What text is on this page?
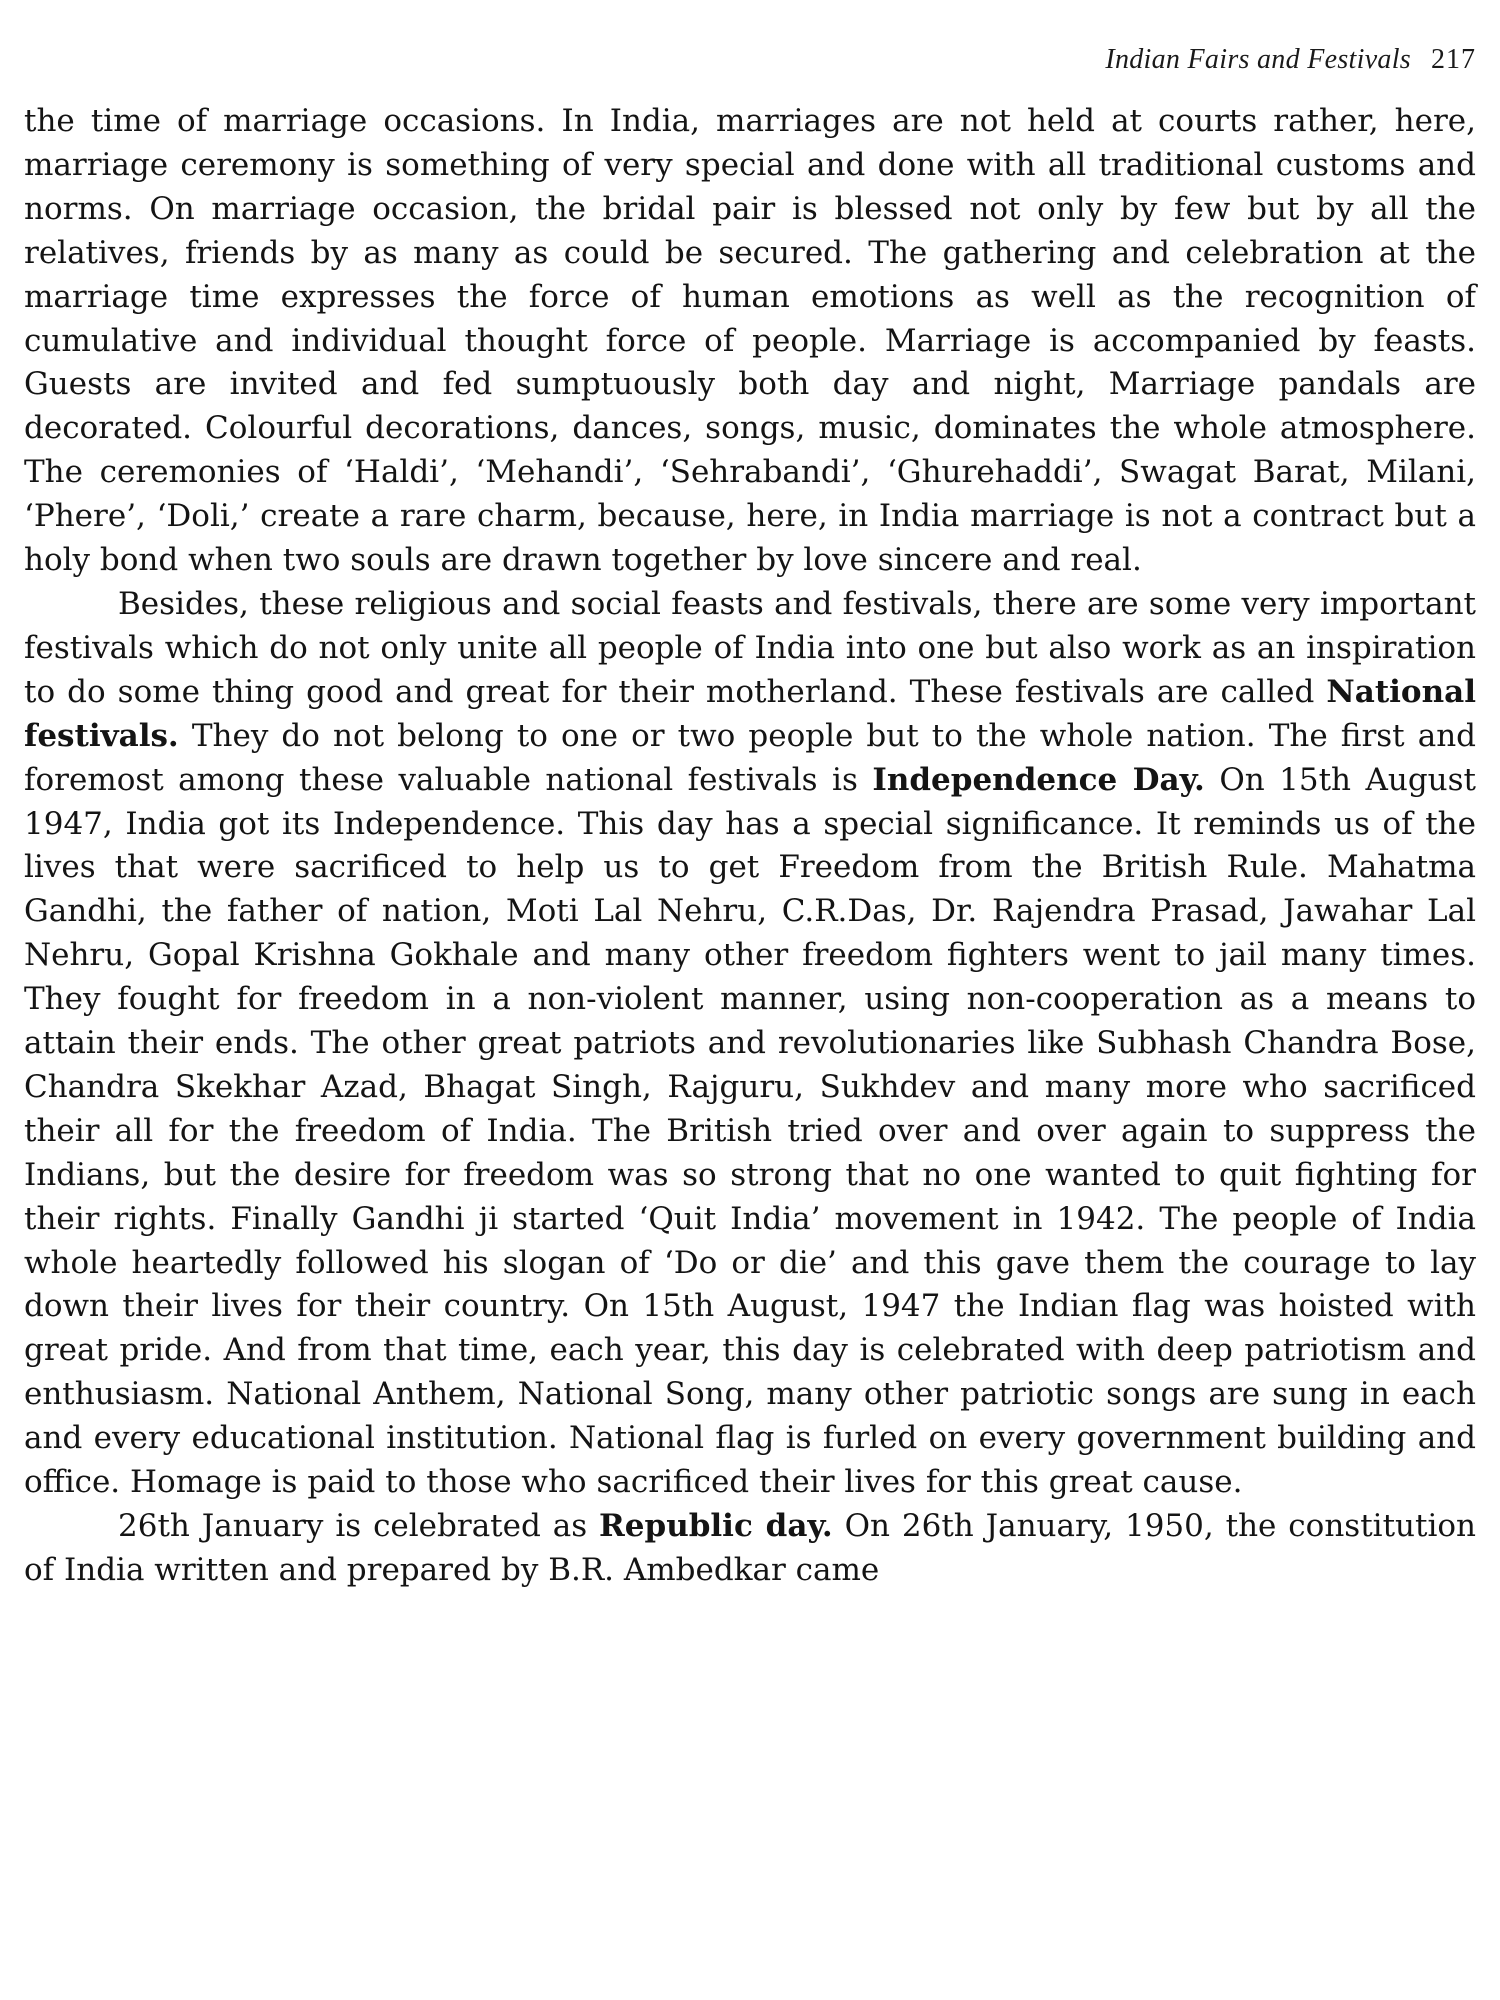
Indian Fairs and Festivals 217

the time of marriage occasions. In India, marriages are not held at courts rather, here, marriage ceremony is something of very special and done with all traditional customs and norms. On marriage occasion, the bridal pair is blessed not only by few but by all the relatives, friends by as many as could be secured. The gathering and celebration at the marriage time expresses the force of human emotions as well as the recognition of cumulative and individual thought force of people. Marriage is accompanied by feasts. Guests are invited and fed sumptuously both day and night, Marriage pandals are decorated. Colourful decorations, dances, songs, music, dominates the whole atmosphere. The ceremonies of ‘Haldi’, ‘Mehandi’, ‘Sehrabandi’, ‘Ghurehaddi’, Swagat Barat, Milani, ‘Phere’, ‘Doli,’ create a rare charm, because, here, in India marriage is not a contract but a holy bond when two souls are drawn together by love sincere and real.

Besides, these religious and social feasts and festivals, there are some very important festivals which do not only unite all people of India into one but also work as an inspiration to do some thing good and great for their motherland. These festivals are called National festivals. They do not belong to one or two people but to the whole nation. The first and foremost among these valuable national festivals is Independence Day. On 15th August 1947, India got its Independence. This day has a special significance. It reminds us of the lives that were sacrificed to help us to get Freedom from the British Rule. Mahatma Gandhi, the father of nation, Moti Lal Nehru, C.R.Das, Dr. Rajendra Prasad, Jawahar Lal Nehru, Gopal Krishna Gokhale and many other freedom fighters went to jail many times. They fought for freedom in a non-violent manner, using non-cooperation as a means to attain their ends. The other great patriots and revolutionaries like Subhash Chandra Bose, Chandra Skekhar Azad, Bhagat Singh, Rajguru, Sukhdev and many more who sacrificed their all for the freedom of India. The British tried over and over again to suppress the Indians, but the desire for freedom was so strong that no one wanted to quit fighting for their rights. Finally Gandhi ji started ‘Quit India’ movement in 1942. The people of India whole heartedly followed his slogan of ‘Do or die’ and this gave them the courage to lay down their lives for their country. On 15th August, 1947 the Indian flag was hoisted with great pride. And from that time, each year, this day is celebrated with deep patriotism and enthusiasm. National Anthem, National Song, many other patriotic songs are sung in each and every educational institution. National flag is furled on every government building and office. Homage is paid to those who sacrificed their lives for this great cause.

26th January is celebrated as Republic day. On 26th January, 1950, the constitution of India written and prepared by B.R. Ambedkar came
